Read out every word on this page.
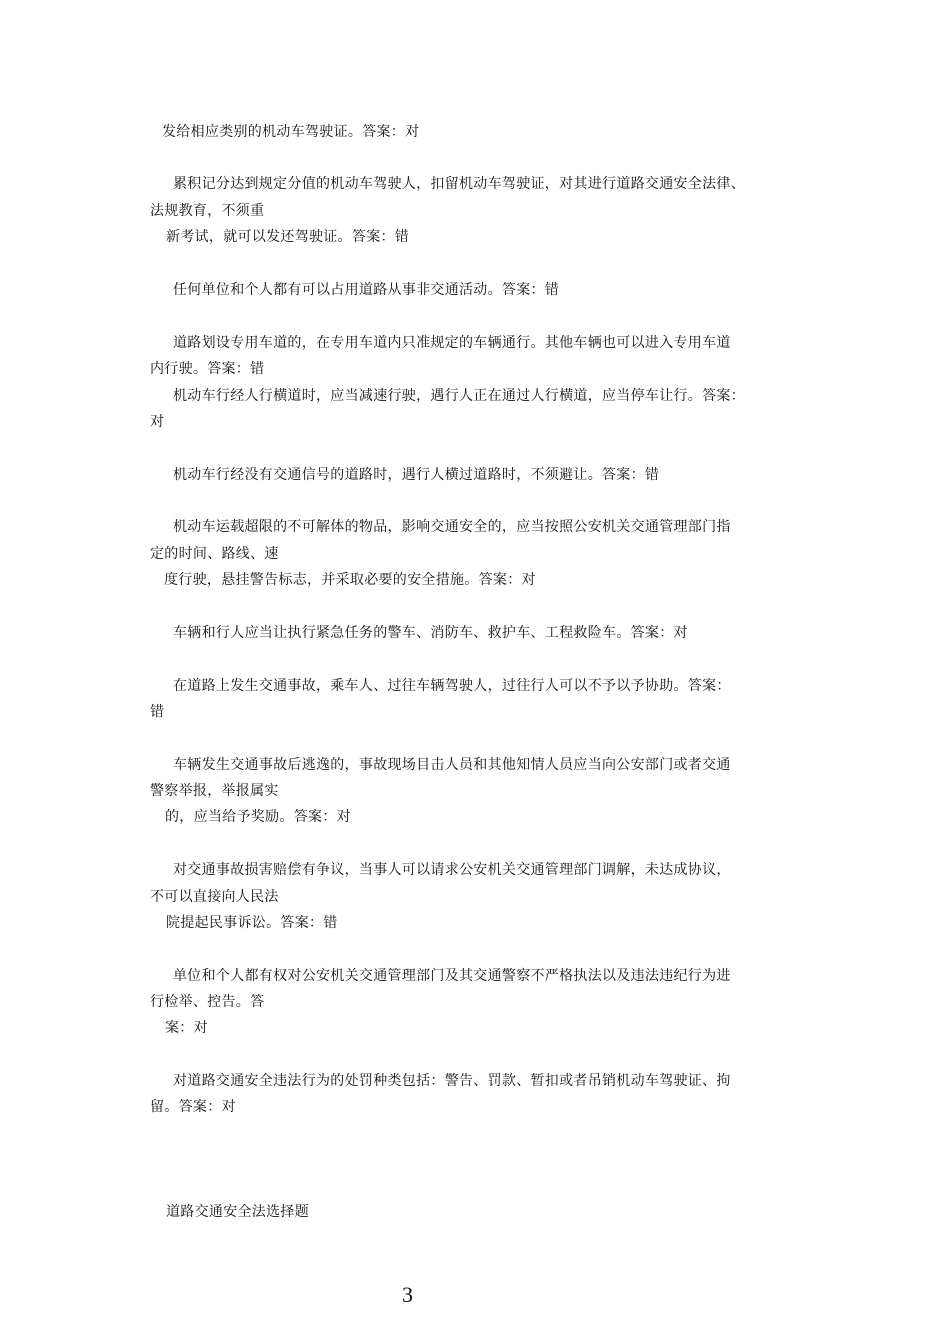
发给相应类别的机动车驾驶证。答案：对
累积记分达到规定分值的机动车驾驶人，扣留机动车驾驶证，对其进行道路交通安全法律、
法规教育，不须重
新考试，就可以发还驾驶证。答案：错
任何单位和个人都有可以占用道路从事非交通活动。答案：错
道路划设专用车道的，在专用车道内只准规定的车辆通行。其他车辆也可以进入专用车道
内行驶。答案：错
机动车行经人行横道时，应当减速行驶，遇行人正在通过人行横道，应当停车让行。答案：
对
机动车行经没有交通信号的道路时，遇行人横过道路时，不须避让。答案：错
机动车运载超限的不可解体的物品，影响交通安全的，应当按照公安机关交通管理部门指
定的时间、路线、速
度行驶，悬挂警告标志，并采取必要的安全措施。答案：对
车辆和行人应当让执行紧急任务的警车、消防车、救护车、工程救险车。答案：对
在道路上发生交通事故，乘车人、过往车辆驾驶人，过往行人可以不予以予协助。答案：
错
车辆发生交通事故后逃逸的，事故现场目击人员和其他知情人员应当向公安部门或者交通
警察举报，举报属实
的，应当给予奖励。答案：对
对交通事故损害赔偿有争议，当事人可以请求公安机关交通管理部门调解，未达成协议，
不可以直接向人民法
院提起民事诉讼。答案：错
单位和个人都有权对公安机关交通管理部门及其交通警察不严格执法以及违法违纪行为进
行检举、控告。答
案：对
对道路交通安全违法行为的处罚种类包括：警告、罚款、暂扣或者吊销机动车驾驶证、拘
留。答案：对
道路交通安全法选择题
3
